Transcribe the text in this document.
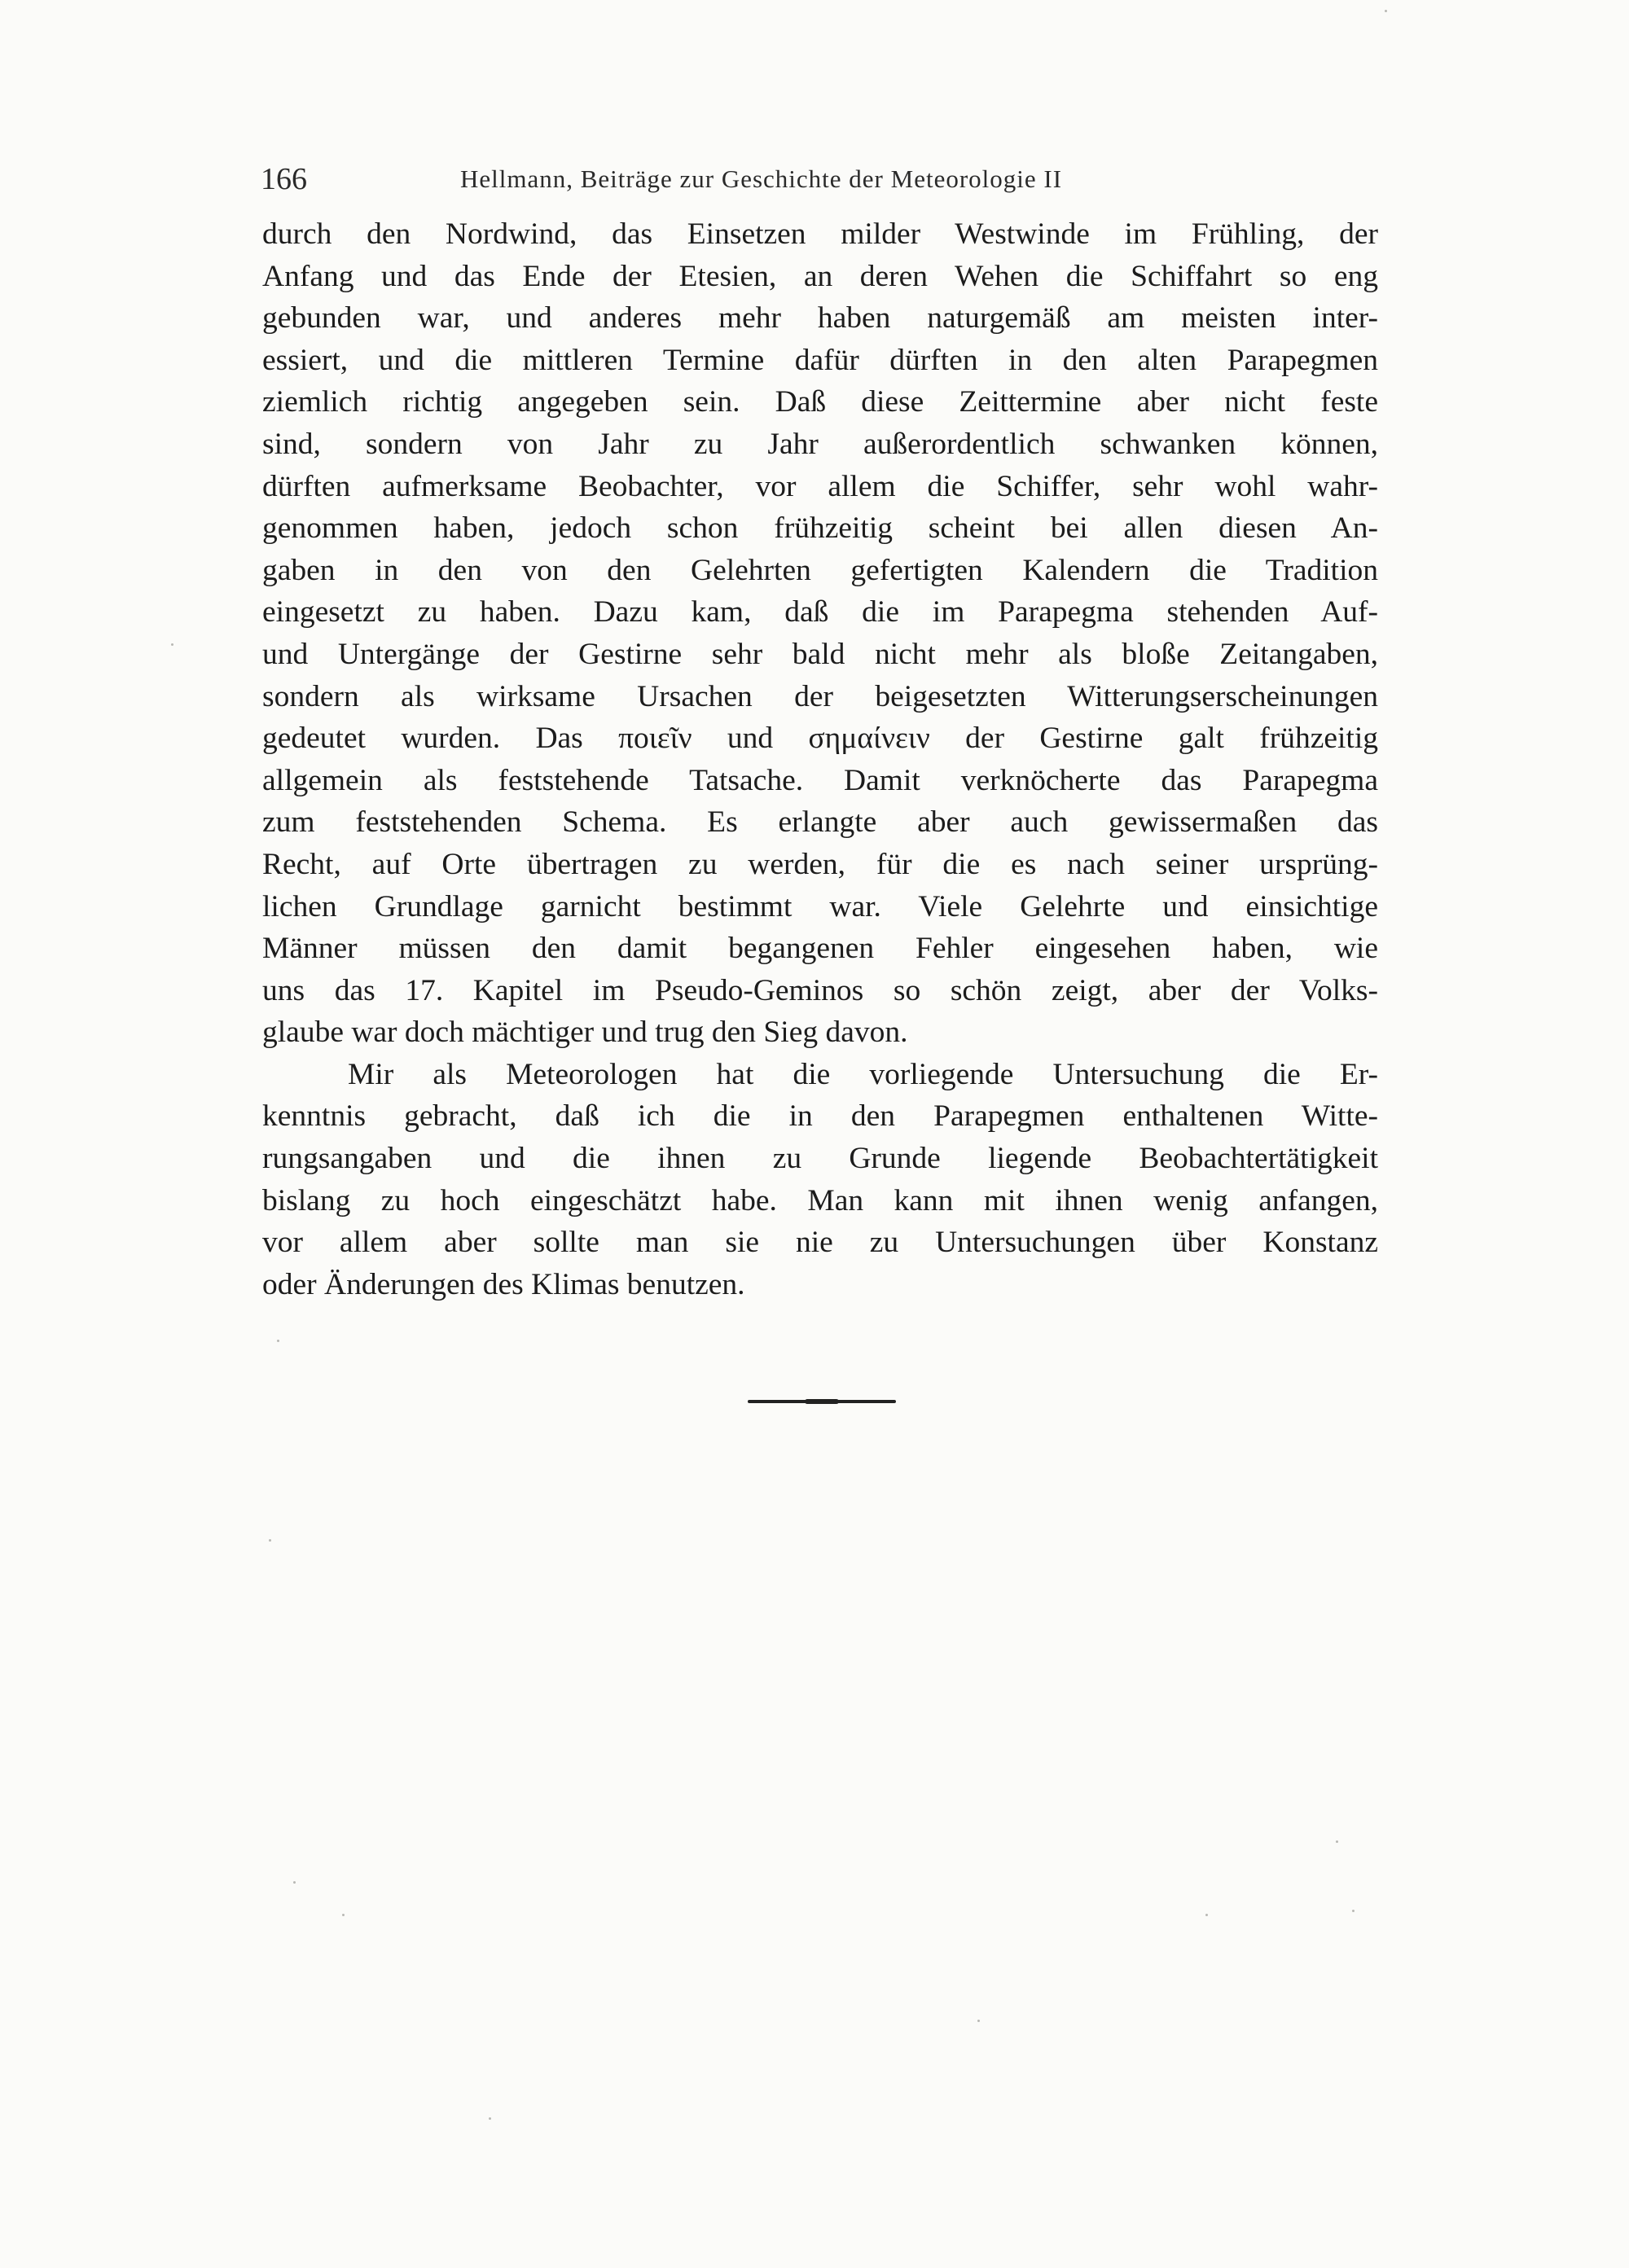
166	Hellmann, Beiträge zur Geschichte der Meteorologie II
durch den Nordwind, das Einsetzen milder Westwinde im Frühling, der
Anfang und das Ende der Etesien, an deren Wehen die Schiffahrt so eng
gebunden war, und anderes mehr haben naturgemäß am meisten inter-
essiert, und die mittleren Termine dafür dürften in den alten Parapegmen
ziemlich richtig angegeben sein. Daß diese Zeittermine aber nicht feste
sind, sondern von Jahr zu Jahr außerordentlich schwanken können,
dürften aufmerksame Beobachter, vor allem die Schiffer, sehr wohl wahr-
genommen haben, jedoch schon frühzeitig scheint bei allen diesen An-
gaben in den von den Gelehrten gefertigten Kalendern die Tradition
eingesetzt zu haben. Dazu kam, daß die im Parapegma stehenden Auf-
und Untergänge der Gestirne sehr bald nicht mehr als bloße Zeitangaben,
sondern als wirksame Ursachen der beigesetzten Witterungserscheinungen
gedeutet wurden. Das ποιεῖν und σημαίνειν der Gestirne galt frühzeitig
allgemein als feststehende Tatsache. Damit verknöcherte das Parapegma
zum feststehenden Schema. Es erlangte aber auch gewissermaßen das
Recht, auf Orte übertragen zu werden, für die es nach seiner ursprüng-
lichen Grundlage garnicht bestimmt war. Viele Gelehrte und einsichtige
Männer müssen den damit begangenen Fehler eingesehen haben, wie
uns das 17. Kapitel im Pseudo-Geminos so schön zeigt, aber der Volks-
glaube war doch mächtiger und trug den Sieg davon.
Mir als Meteorologen hat die vorliegende Untersuchung die Er-
kenntnis gebracht, daß ich die in den Parapegmen enthaltenen Witte-
rungsangaben und die ihnen zu Grunde liegende Beobachtertätigkeit
bislang zu hoch eingeschätzt habe. Man kann mit ihnen wenig anfangen,
vor allem aber sollte man sie nie zu Untersuchungen über Konstanz
oder Änderungen des Klimas benutzen.
